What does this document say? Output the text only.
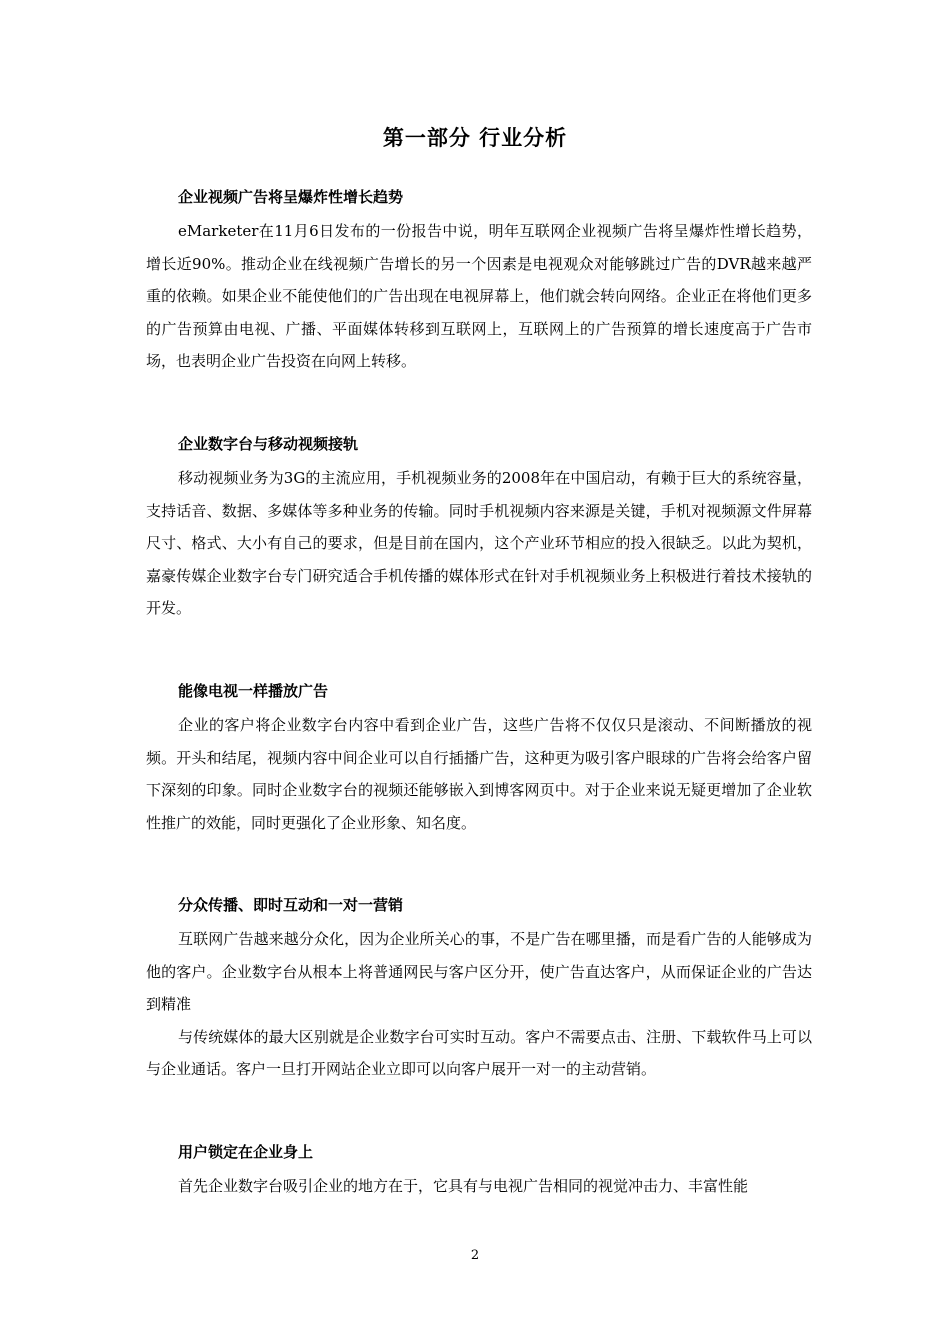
第一部分 行业分析
企业视频广告将呈爆炸性增长趋势

eMarketer在11月6日发布的一份报告中说，明年互联网企业视频广告将呈爆炸性增长趋势，增长近90%。推动企业在线视频广告增长的另一个因素是电视观众对能够跳过广告的DVR越来越严重的依赖。如果企业不能使他们的广告出现在电视屏幕上，他们就会转向网络。企业正在将他们更多的广告预算由电视、广播、平面媒体转移到互联网上，互联网上的广告预算的增长速度高于广告市场，也表明企业广告投资在向网上转移。

企业数字台与移动视频接轨

移动视频业务为3G的主流应用，手机视频业务的2008年在中国启动，有赖于巨大的系统容量，支持话音、数据、多媒体等多种业务的传输。同时手机视频内容来源是关键，手机对视频源文件屏幕尺寸、格式、大小有自己的要求，但是目前在国内，这个产业环节相应的投入很缺乏。以此为契机，嘉豪传媒企业数字台专门研究适合手机传播的媒体形式在针对手机视频业务上积极进行着技术接轨的开发。

能像电视一样播放广告

企业的客户将企业数字台内容中看到企业广告，这些广告将不仅仅只是滚动、不间断播放的视频。开头和结尾，视频内容中间企业可以自行插播广告，这种更为吸引客户眼球的广告将会给客户留下深刻的印象。同时企业数字台的视频还能够嵌入到博客网页中。对于企业来说无疑更增加了企业软性推广的效能，同时更强化了企业形象、知名度。

分众传播、即时互动和一对一营销

互联网广告越来越分众化，因为企业所关心的事，不是广告在哪里播，而是看广告的人能够成为他的客户。企业数字台从根本上将普通网民与客户区分开，使广告直达客户，从而保证企业的广告达到精准

与传统媒体的最大区别就是企业数字台可实时互动。客户不需要点击、注册、下载软件马上可以与企业通话。客户一旦打开网站企业立即可以向客户展开一对一的主动营销。

用户锁定在企业身上

首先企业数字台吸引企业的地方在于，它具有与电视广告相同的视觉冲击力、丰富性能

2
